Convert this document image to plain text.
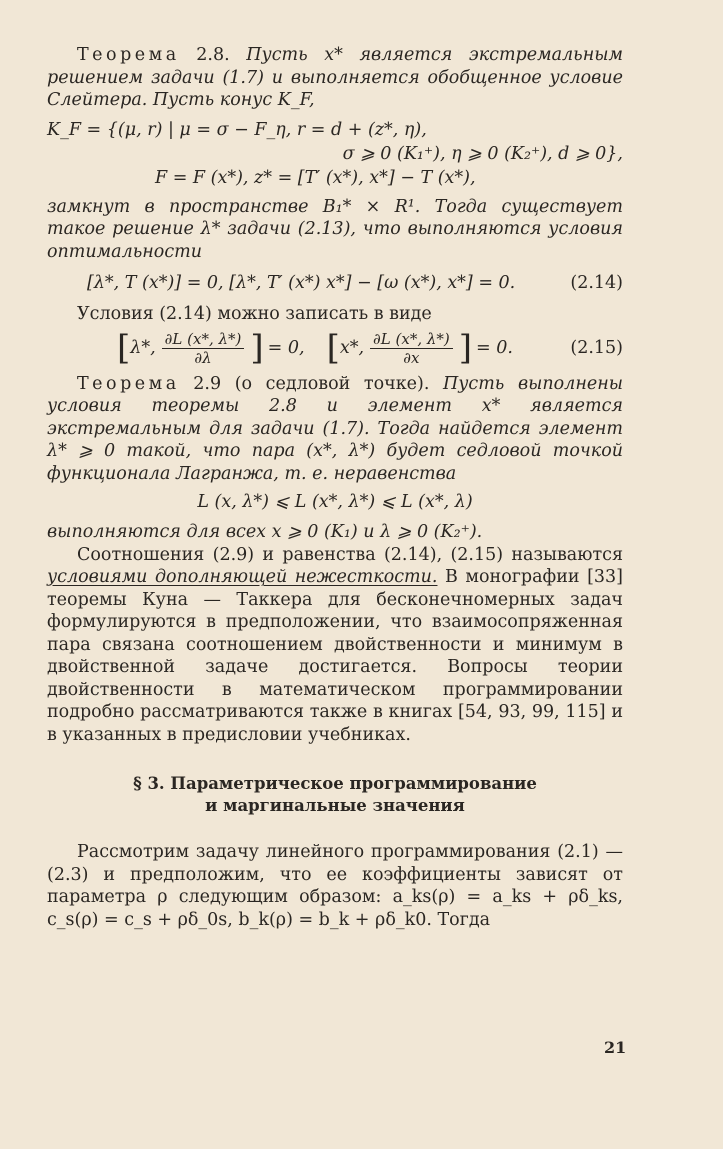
Теорема 2.8. Пусть x* является экстремальным решением задачи (1.7) и выполняется обобщенное условие Слейтера. Пусть конус K_F,

K_F = {(μ, r) | μ = σ − F_η, r = d + (z*, η),
σ ⩾ 0 (K₁⁺), η ⩾ 0 (K₂⁺), d ⩾ 0},
F = F (x*), z* = [T′ (x*), x*] − T (x*),

замкнут в пространстве B₁* × R¹. Тогда существует такое решение λ* задачи (2.13), что выполняются условия оптимальности

[λ*, T (x*)] = 0, [λ*, T′ (x*) x*] − [ω (x*), x*] = 0.	(2.14)

Условия (2.14) можно записать в виде

[ λ*, $\frac{\partial L (x*, \lambda*)}{\partial\lambda}$ ] = 0, [ x*, $\frac{\partial L (x*, \lambda*)}{\partial x}$ ] = 0.	(2.15)

Теорема 2.9 (о седловой точке). Пусть выполнены условия теоремы 2.8 и элемент x* является экстремальным для задачи (1.7). Тогда найдется элемент λ* ⩾ 0 такой, что пара (x*, λ*) будет седловой точкой функционала Лагранжа, т. е. неравенства

L (x, λ*) ⩽ L (x*, λ*) ⩽ L (x*, λ)

выполняются для всех x ⩾ 0 (K₁) и λ ⩾ 0 (K₂⁺).

Соотношения (2.9) и равенства (2.14), (2.15) называются условиями дополняющей нежесткости. В монографии [33] теоремы Куна — Таккера для бесконечномерных задач формулируются в предположении, что взаимосопряженная пара связана соотношением двойственности и минимум в двойственной задаче достигается. Вопросы теории двойственности в математическом программировании подробно рассматриваются также в книгах [54, 93, 99, 115] и в указанных в предисловии учебниках.

§ 3. Параметрическое программирование
и маргинальные значения

Рассмотрим задачу линейного программирования (2.1) — (2.3) и предположим, что ее коэффициенты зависят от параметра ρ следующим образом: a_ks(ρ) = a_ks + ρδ_ks, c_s(ρ) = c_s + ρδ_0s, b_k(ρ) = b_k + ρδ_k0. Тогда

21
